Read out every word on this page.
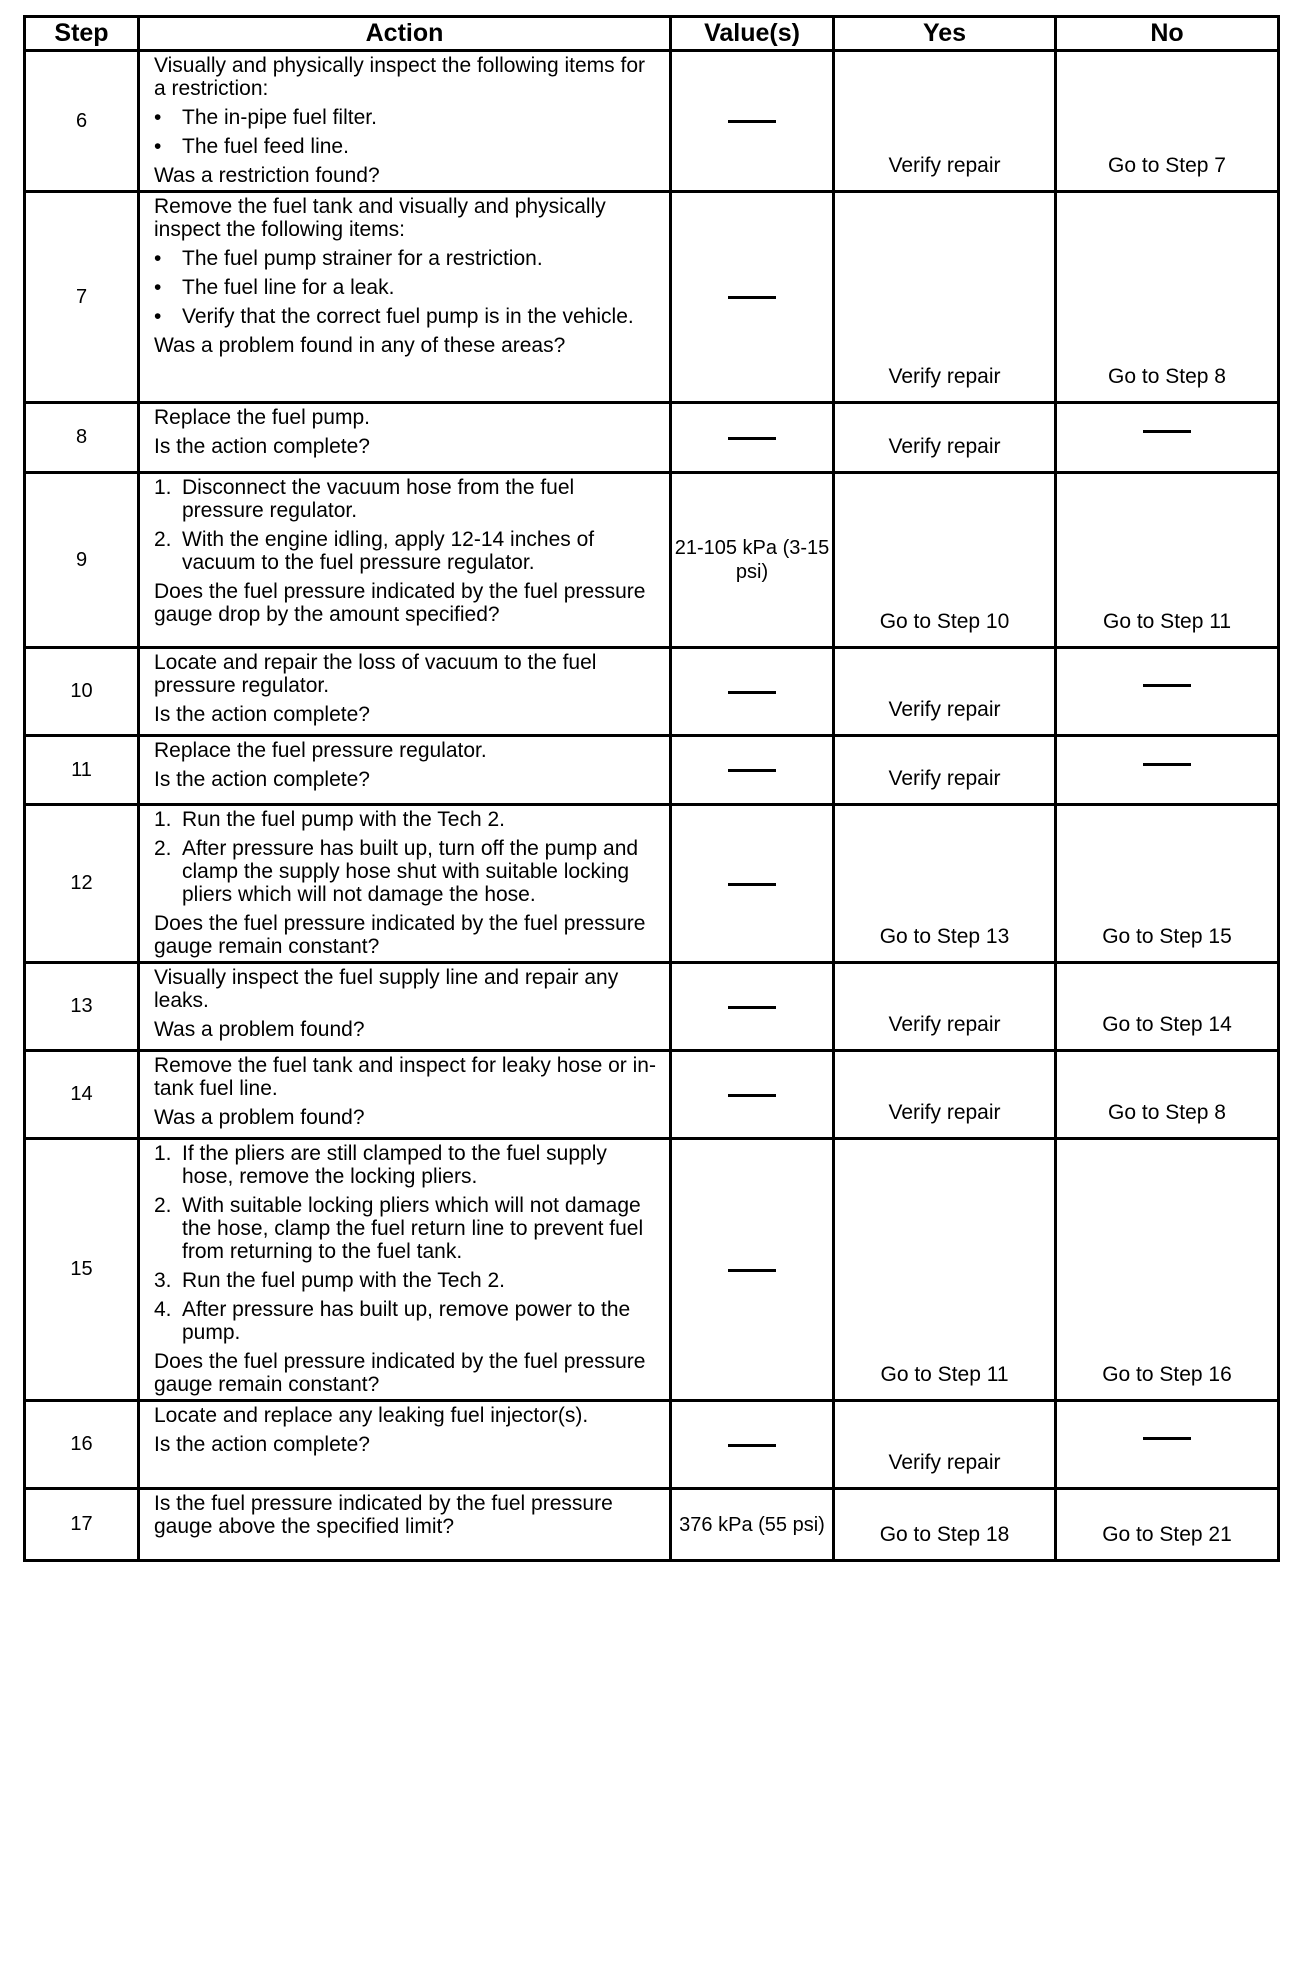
Step	Action	Value(s)	Yes	No
6	Visually and physically inspect the following items for a restriction:
• The in-pipe fuel filter.
• The fuel feed line.
Was a restriction found?		Verify repair	Go to Step 7
7	Remove the fuel tank and visually and physically inspect the following items:
• The fuel pump strainer for a restriction.
• The fuel line for a leak.
• Verify that the correct fuel pump is in the vehicle.
Was a problem found in any of these areas?		Verify repair	Go to Step 8
8	Replace the fuel pump.
Is the action complete?		Verify repair	
9	1. Disconnect the vacuum hose from the fuel pressure regulator.
2. With the engine idling, apply 12-14 inches of vacuum to the fuel pressure regulator.
Does the fuel pressure indicated by the fuel pressure gauge drop by the amount specified?	21-105 kPa (3-15 psi)	Go to Step 10	Go to Step 11
10	Locate and repair the loss of vacuum to the fuel pressure regulator.
Is the action complete?		Verify repair	
11	Replace the fuel pressure regulator.
Is the action complete?		Verify repair	
12	1. Run the fuel pump with the Tech 2.
2. After pressure has built up, turn off the pump and clamp the supply hose shut with suitable locking pliers which will not damage the hose.
Does the fuel pressure indicated by the fuel pressure gauge remain constant?		Go to Step 13	Go to Step 15
13	Visually inspect the fuel supply line and repair any leaks.
Was a problem found?		Verify repair	Go to Step 14
14	Remove the fuel tank and inspect for leaky hose or in-tank fuel line.
Was a problem found?		Verify repair	Go to Step 8
15	1. If the pliers are still clamped to the fuel supply hose, remove the locking pliers.
2. With suitable locking pliers which will not damage the hose, clamp the fuel return line to prevent fuel from returning to the fuel tank.
3. Run the fuel pump with the Tech 2.
4. After pressure has built up, remove power to the pump.
Does the fuel pressure indicated by the fuel pressure gauge remain constant?		Go to Step 11	Go to Step 16
16	Locate and replace any leaking fuel injector(s).
Is the action complete?		Verify repair	
17	Is the fuel pressure indicated by the fuel pressure gauge above the specified limit?	376 kPa (55 psi)	Go to Step 18	Go to Step 21
